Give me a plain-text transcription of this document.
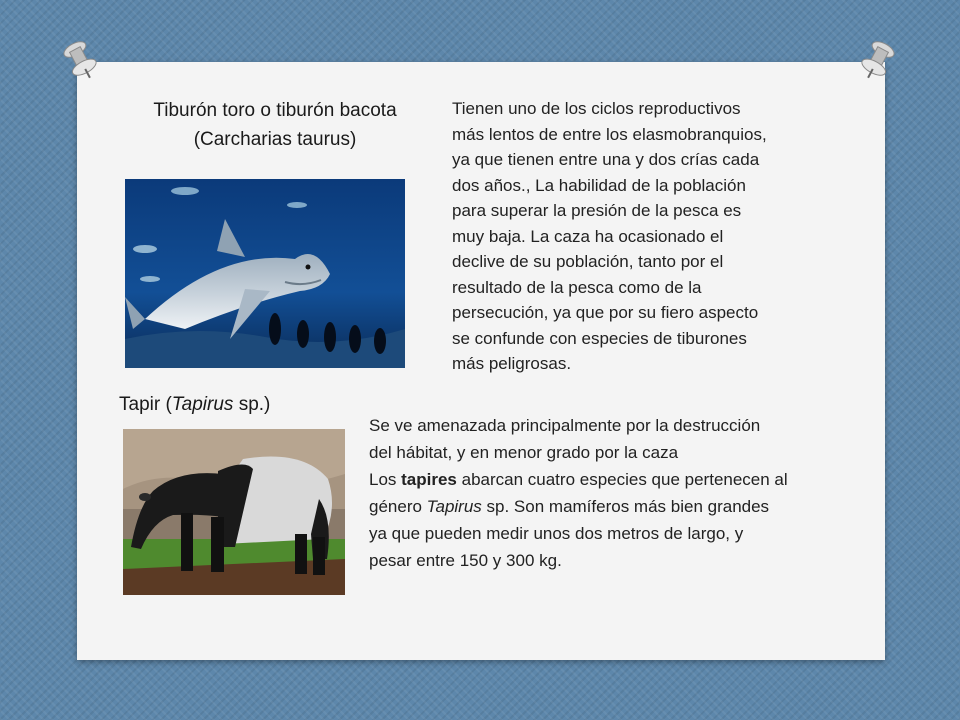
Tiburón toro o tiburón bacota
(Carcharias taurus)
Tienen uno de los ciclos reproductivos
más lentos de entre los elasmobranquios,
ya que tienen entre una y dos crías cada
dos años., La habilidad de la población
para superar la presión de la pesca es
muy baja. La caza ha ocasionado el
declive de su población, tanto por el
resultado de la pesca como de la
persecución, ya que por su fiero aspecto
se confunde con especies de tiburones
más peligrosas.
Tapir (Tapirus sp.)
Se ve amenazada principalmente por la destrucción
del hábitat, y en menor grado por la caza
Los tapires abarcan cuatro especies que pertenecen al
género Tapirus sp. Son mamíferos más bien grandes
ya que pueden medir unos dos metros de largo, y
pesar entre 150 y 300 kg.
